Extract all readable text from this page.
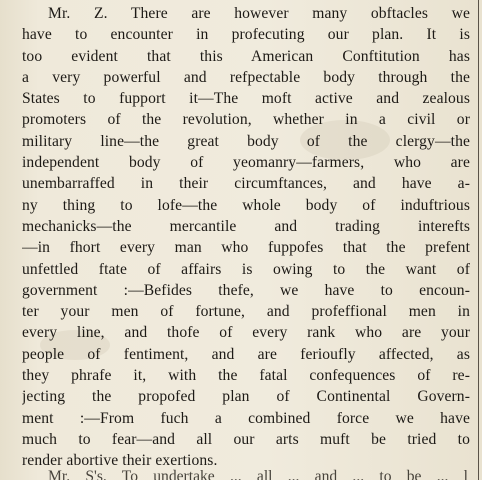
Mr. Z. There are however many obftacles we
have to encounter in profecuting our plan. It is
too evident that this American Conftitution has
a very powerful and refpectable body through the
States to fupport it—The moft active and zealous
promoters of the revolution, whether in a civil or
military line—the great body of the clergy—the
independent body of yeomanry—farmers, who are
unembarraffed in their circumftances, and have a-
ny thing to lofe—the whole body of induftrious
mechanicks—the mercantile and trading interefts
—in fhort every man who fuppofes that the prefent
unfettled ftate of affairs is owing to the want of
government :—Befides thefe, we have to encoun-
ter your men of fortune, and profeffional men in
every line, and thofe of every rank who are your
people of fentiment, and are ferioufly affected, as
they phrafe it, with the fatal confequences of re-
jecting the propofed plan of Continental Govern-
ment :—From fuch a combined force we have
much to fear—and all our arts muft be tried to
render abortive their exertions.
Mr. S's. To undertake ... all ... and ... to be ... l
